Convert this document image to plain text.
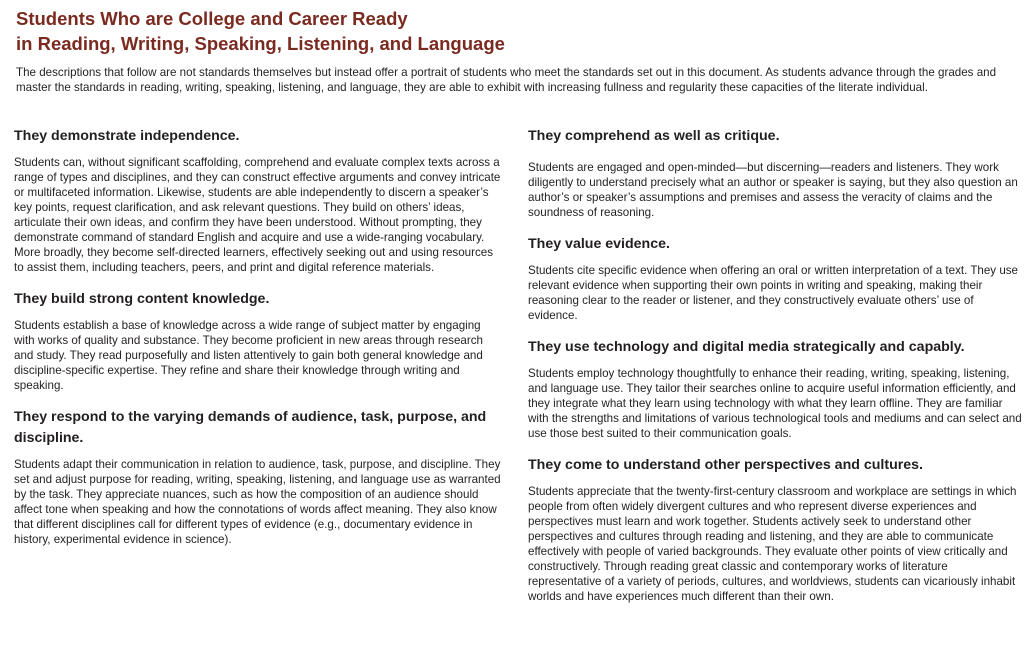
Students Who are College and Career Ready
in Reading, Writing, Speaking, Listening, and Language

The descriptions that follow are not standards themselves but instead offer a portrait of students who meet the standards set out in this document. As students advance through the grades and master the standards in reading, writing, speaking, listening, and language, they are able to exhibit with increasing fullness and regularity these capacities of the literate individual.

They demonstrate independence.

Students can, without significant scaffolding, comprehend and evaluate complex texts across a range of types and disciplines, and they can construct effective arguments and convey intricate or multifaceted information. Likewise, students are able independently to discern a speaker’s key points, request clarification, and ask relevant questions. They build on others’ ideas, articulate their own ideas, and confirm they have been understood. Without prompting, they demonstrate command of standard English and acquire and use a wide-ranging vocabulary. More broadly, they become self-directed learners, effectively seeking out and using resources to assist them, including teachers, peers, and print and digital reference materials.

They build strong content knowledge.

Students establish a base of knowledge across a wide range of subject matter by engaging with works of quality and substance. They become proficient in new areas through research and study. They read purposefully and listen attentively to gain both general knowledge and discipline-specific expertise. They refine and share their knowledge through writing and speaking.

They respond to the varying demands of audience, task, purpose, and discipline.

Students adapt their communication in relation to audience, task, purpose, and discipline. They set and adjust purpose for reading, writing, speaking, listening, and language use as warranted by the task. They appreciate nuances, such as how the composition of an audience should affect tone when speaking and how the connotations of words affect meaning. They also know that different disciplines call for different types of evidence (e.g., documentary evidence in history, experimental evidence in science).

They comprehend as well as critique.

Students are engaged and open-minded—but discerning—readers and listeners. They work diligently to understand precisely what an author or speaker is saying, but they also question an author’s or speaker’s assumptions and premises and assess the veracity of claims and the soundness of reasoning.

They value evidence.

Students cite specific evidence when offering an oral or written interpretation of a text. They use relevant evidence when supporting their own points in writing and speaking, making their reasoning clear to the reader or listener, and they constructively evaluate others’ use of evidence.

They use technology and digital media strategically and capably.

Students employ technology thoughtfully to enhance their reading, writing, speaking, listening, and language use. They tailor their searches online to acquire useful information efficiently, and they integrate what they learn using technology with what they learn offline. They are familiar with the strengths and limitations of various technological tools and mediums and can select and use those best suited to their communication goals.

They come to understand other perspectives and cultures.

Students appreciate that the twenty-first-century classroom and workplace are settings in which people from often widely divergent cultures and who represent diverse experiences and perspectives must learn and work together. Students actively seek to understand other perspectives and cultures through reading and listening, and they are able to communicate effectively with people of varied backgrounds. They evaluate other points of view critically and constructively. Through reading great classic and contemporary works of literature representative of a variety of periods, cultures, and worldviews, students can vicariously inhabit worlds and have experiences much different than their own.
